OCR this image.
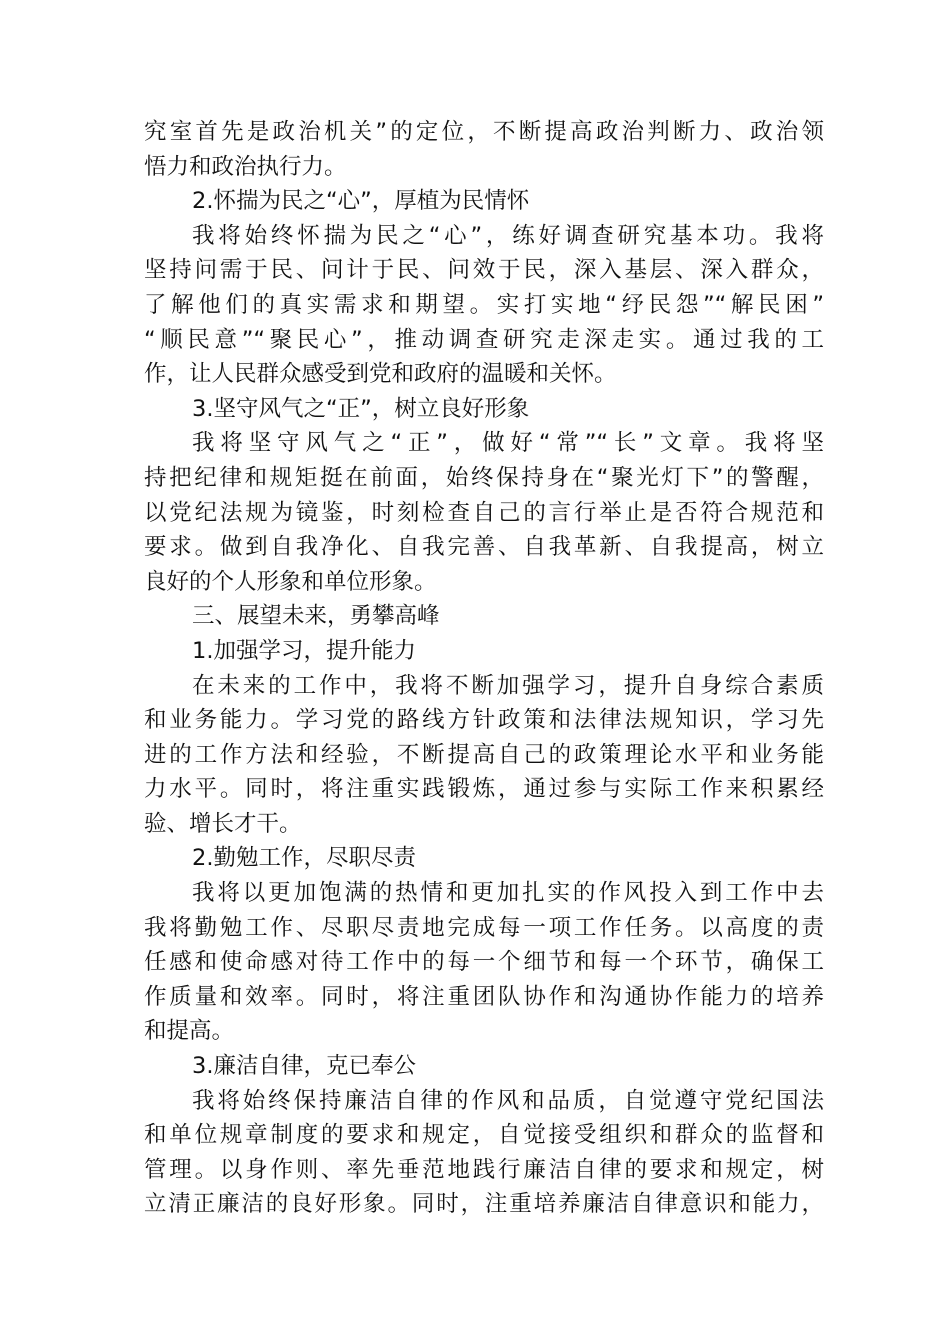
究室首先是政治机关”的定位，不断提高政治判断力、政治领

悟力和政治执行力。

2.怀揣为民之“心”，厚植为民情怀

我将始终怀揣为民之“心”，练好调查研究基本功。我将

坚持问需于民、问计于民、问效于民，深入基层、深入群众，

了解他们的真实需求和期望。实打实地“纾民怨”“解民困”

“顺民意”“聚民心”，推动调查研究走深走实。通过我的工

作，让人民群众感受到党和政府的温暖和关怀。

3.坚守风气之“正”，树立良好形象

我将坚守风气之“正”，做好“常”“长”文章。我将坚

持把纪律和规矩挺在前面，始终保持身在“聚光灯下”的警醒，

以党纪法规为镜鉴，时刻检查自己的言行举止是否符合规范和

要求。做到自我净化、自我完善、自我革新、自我提高，树立

良好的个人形象和单位形象。

三、展望未来，勇攀高峰

1.加强学习，提升能力

在未来的工作中，我将不断加强学习，提升自身综合素质

和业务能力。学习党的路线方针政策和法律法规知识，学习先

进的工作方法和经验，不断提高自己的政策理论水平和业务能

力水平。同时，将注重实践锻炼，通过参与实际工作来积累经

验、增长才干。

2.勤勉工作，尽职尽责

我将以更加饱满的热情和更加扎实的作风投入到工作中去

我将勤勉工作、尽职尽责地完成每一项工作任务。以高度的责

任感和使命感对待工作中的每一个细节和每一个环节，确保工

作质量和效率。同时，将注重团队协作和沟通协作能力的培养

和提高。

3.廉洁自律，克已奉公

我将始终保持廉洁自律的作风和品质，自觉遵守党纪国法

和单位规章制度的要求和规定，自觉接受组织和群众的监督和

管理。以身作则、率先垂范地践行廉洁自律的要求和规定，树

立清正廉洁的良好形象。同时，注重培养廉洁自律意识和能力，
